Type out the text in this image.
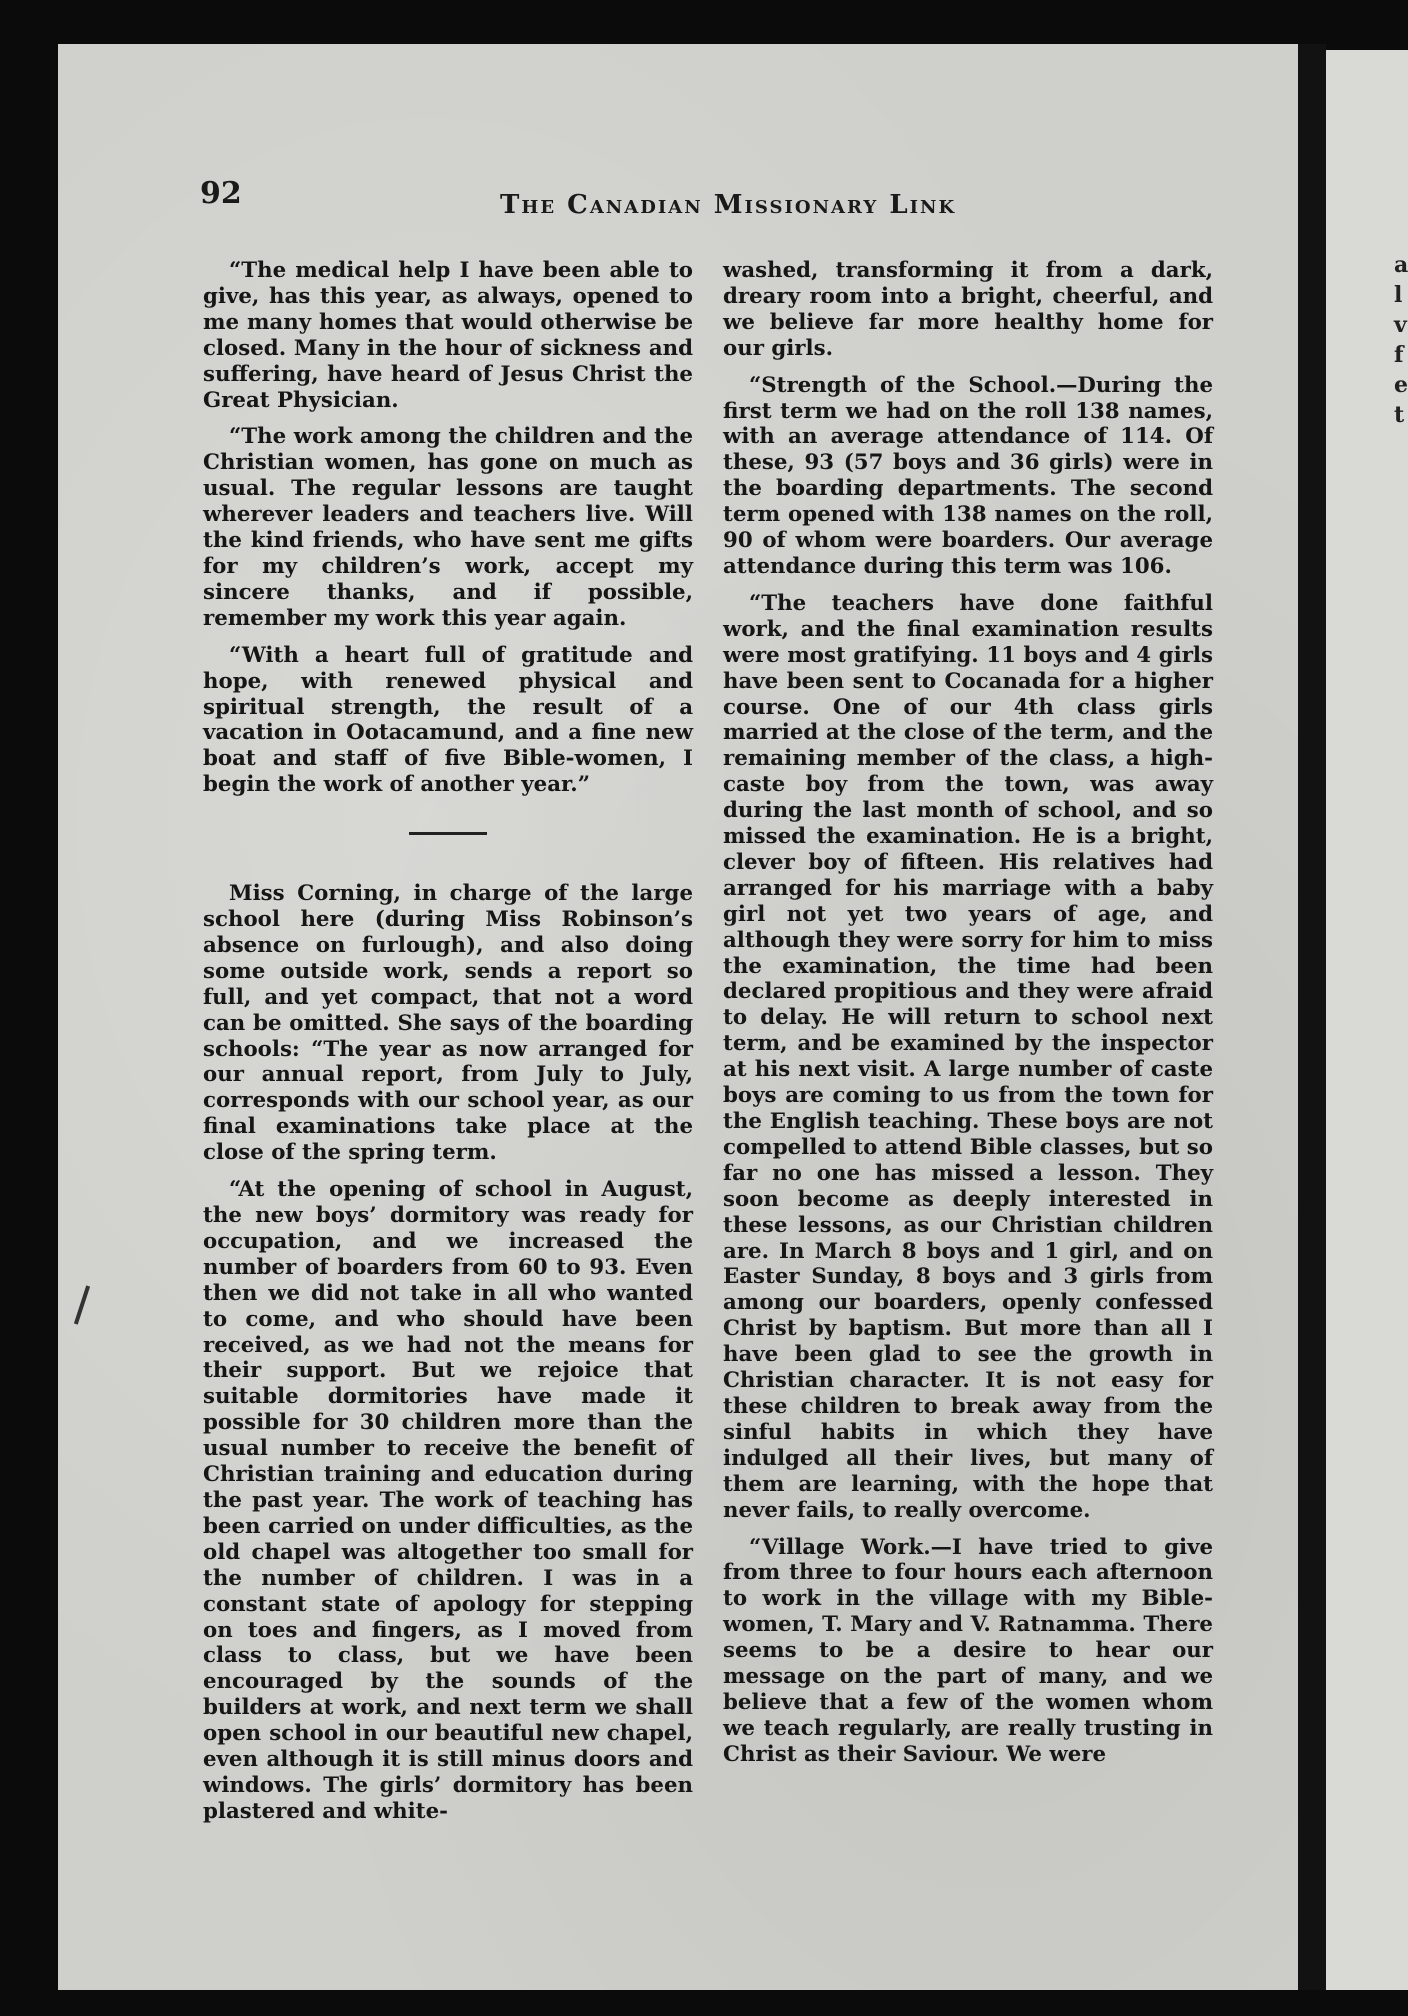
a
l
v
f
e
t
92	The Canadian Missionary Link

“The medical help I have been able to give, has this year, as always, opened to me many homes that would otherwise be closed. Many in the hour of sickness and suffering, have heard of Jesus Christ the Great Physician.

“The work among the children and the Christian women, has gone on much as usual. The regular lessons are taught wherever leaders and teachers live. Will the kind friends, who have sent me gifts for my children’s work, accept my sincere thanks, and if possible, remember my work this year again.

“With a heart full of gratitude and hope, with renewed physical and spiritual strength, the result of a vacation in Ootacamund, and a fine new boat and staff of five Bible-women, I begin the work of another year.”

Miss Corning, in charge of the large school here (during Miss Robinson’s absence on furlough), and also doing some outside work, sends a report so full, and yet compact, that not a word can be omitted. She says of the boarding schools: “The year as now arranged for our annual report, from July to July, corresponds with our school year, as our final examinations take place at the close of the spring term.

“At the opening of school in August, the new boys’ dormitory was ready for occupation, and we increased the number of boarders from 60 to 93. Even then we did not take in all who wanted to come, and who should have been received, as we had not the means for their support. But we rejoice that suitable dormitories have made it possible for 30 children more than the usual number to receive the benefit of Christian training and education during the past year. The work of teaching has been carried on under difficulties, as the old chapel was altogether too small for the number of children. I was in a constant state of apology for stepping on toes and fingers, as I moved from class to class, but we have been encouraged by the sounds of the builders at work, and next term we shall open school in our beautiful new chapel, even although it is still minus doors and windows. The girls’ dormitory has been plastered and white-

washed, transforming it from a dark, dreary room into a bright, cheerful, and we believe far more healthy home for our girls.

“Strength of the School.—During the first term we had on the roll 138 names, with an average attendance of 114. Of these, 93 (57 boys and 36 girls) were in the boarding departments. The second term opened with 138 names on the roll, 90 of whom were boarders. Our average attendance during this term was 106.

“The teachers have done faithful work, and the final examination results were most gratifying. 11 boys and 4 girls have been sent to Cocanada for a higher course. One of our 4th class girls married at the close of the term, and the remaining member of the class, a high-caste boy from the town, was away during the last month of school, and so missed the examination. He is a bright, clever boy of fifteen. His relatives had arranged for his marriage with a baby girl not yet two years of age, and although they were sorry for him to miss the examination, the time had been declared propitious and they were afraid to delay. He will return to school next term, and be examined by the inspector at his next visit. A large number of caste boys are coming to us from the town for the English teaching. These boys are not compelled to attend Bible classes, but so far no one has missed a lesson. They soon become as deeply interested in these lessons, as our Christian children are. In March 8 boys and 1 girl, and on Easter Sunday, 8 boys and 3 girls from among our boarders, openly confessed Christ by baptism. But more than all I have been glad to see the growth in Christian character. It is not easy for these children to break away from the sinful habits in which they have indulged all their lives, but many of them are learning, with the hope that never fails, to really overcome.

“Village Work.—I have tried to give from three to four hours each afternoon to work in the village with my Bible-women, T. Mary and V. Ratnamma. There seems to be a desire to hear our message on the part of many, and we believe that a few of the women whom we teach regularly, are really trusting in Christ as their Saviour. We were
